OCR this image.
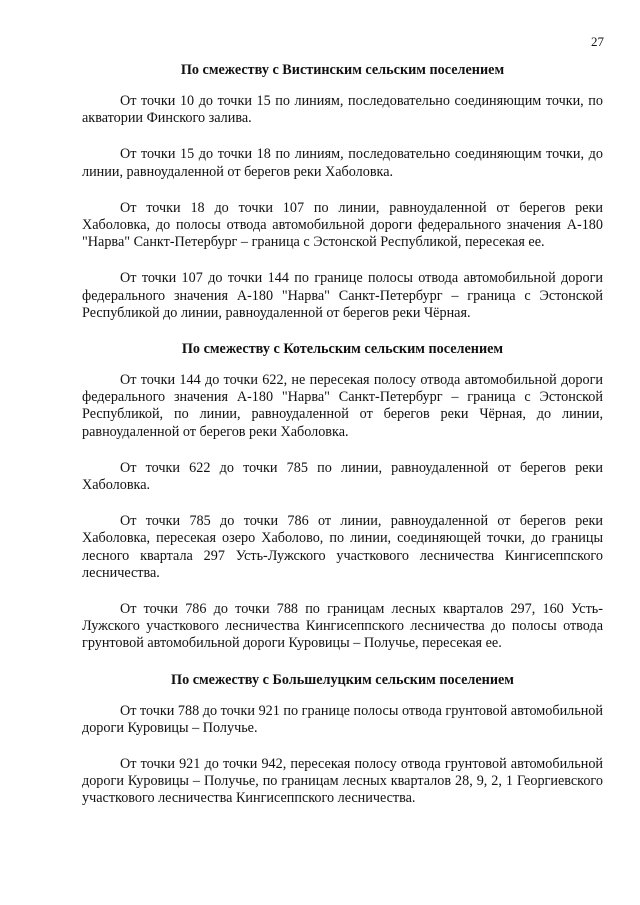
27

По смежеству с Вистинским сельским поселением

От точки 10 до точки 15 по линиям, последовательно соединяющим точки, по акватории Финского залива.

От точки 15 до точки 18 по линиям, последовательно соединяющим точки, до линии, равноудаленной от берегов реки Хаболовка.

От точки 18 до точки 107 по линии, равноудаленной от берегов реки Хаболовка, до полосы отвода автомобильной дороги федерального значения А-180 "Нарва" Санкт-Петербург – граница с Эстонской Республикой, пересекая ее.

От точки 107 до точки 144 по границе полосы отвода автомобильной дороги федерального значения А-180 "Нарва" Санкт-Петербург – граница с Эстонской Республикой до линии, равноудаленной от берегов реки Чёрная.

По смежеству с Котельским сельским поселением

От точки 144 до точки 622, не пересекая полосу отвода автомобильной дороги федерального значения А-180 "Нарва" Санкт-Петербург – граница с Эстонской Республикой, по линии, равноудаленной от берегов реки Чёрная, до линии, равноудаленной от берегов реки Хаболовка.

От точки 622 до точки 785 по линии, равноудаленной от берегов реки Хаболовка.

От точки 785 до точки 786 от линии, равноудаленной от берегов реки Хаболовка, пересекая озеро Хаболово, по линии, соединяющей точки, до границы лесного квартала 297 Усть-Лужского участкового лесничества Кингисеппского лесничества.

От точки 786 до точки 788 по границам лесных кварталов 297, 160 Усть-Лужского участкового лесничества Кингисеппского лесничества до полосы отвода грунтовой автомобильной дороги Куровицы – Получье, пересекая ее.

По смежеству с Большелуцким сельским поселением

От точки 788 до точки 921 по границе полосы отвода грунтовой автомобильной дороги Куровицы – Получье.

От точки 921 до точки 942, пересекая полосу отвода грунтовой автомобильной дороги Куровицы – Получье, по границам лесных кварталов 28, 9, 2, 1 Георгиевского участкового лесничества Кингисеппского лесничества.
